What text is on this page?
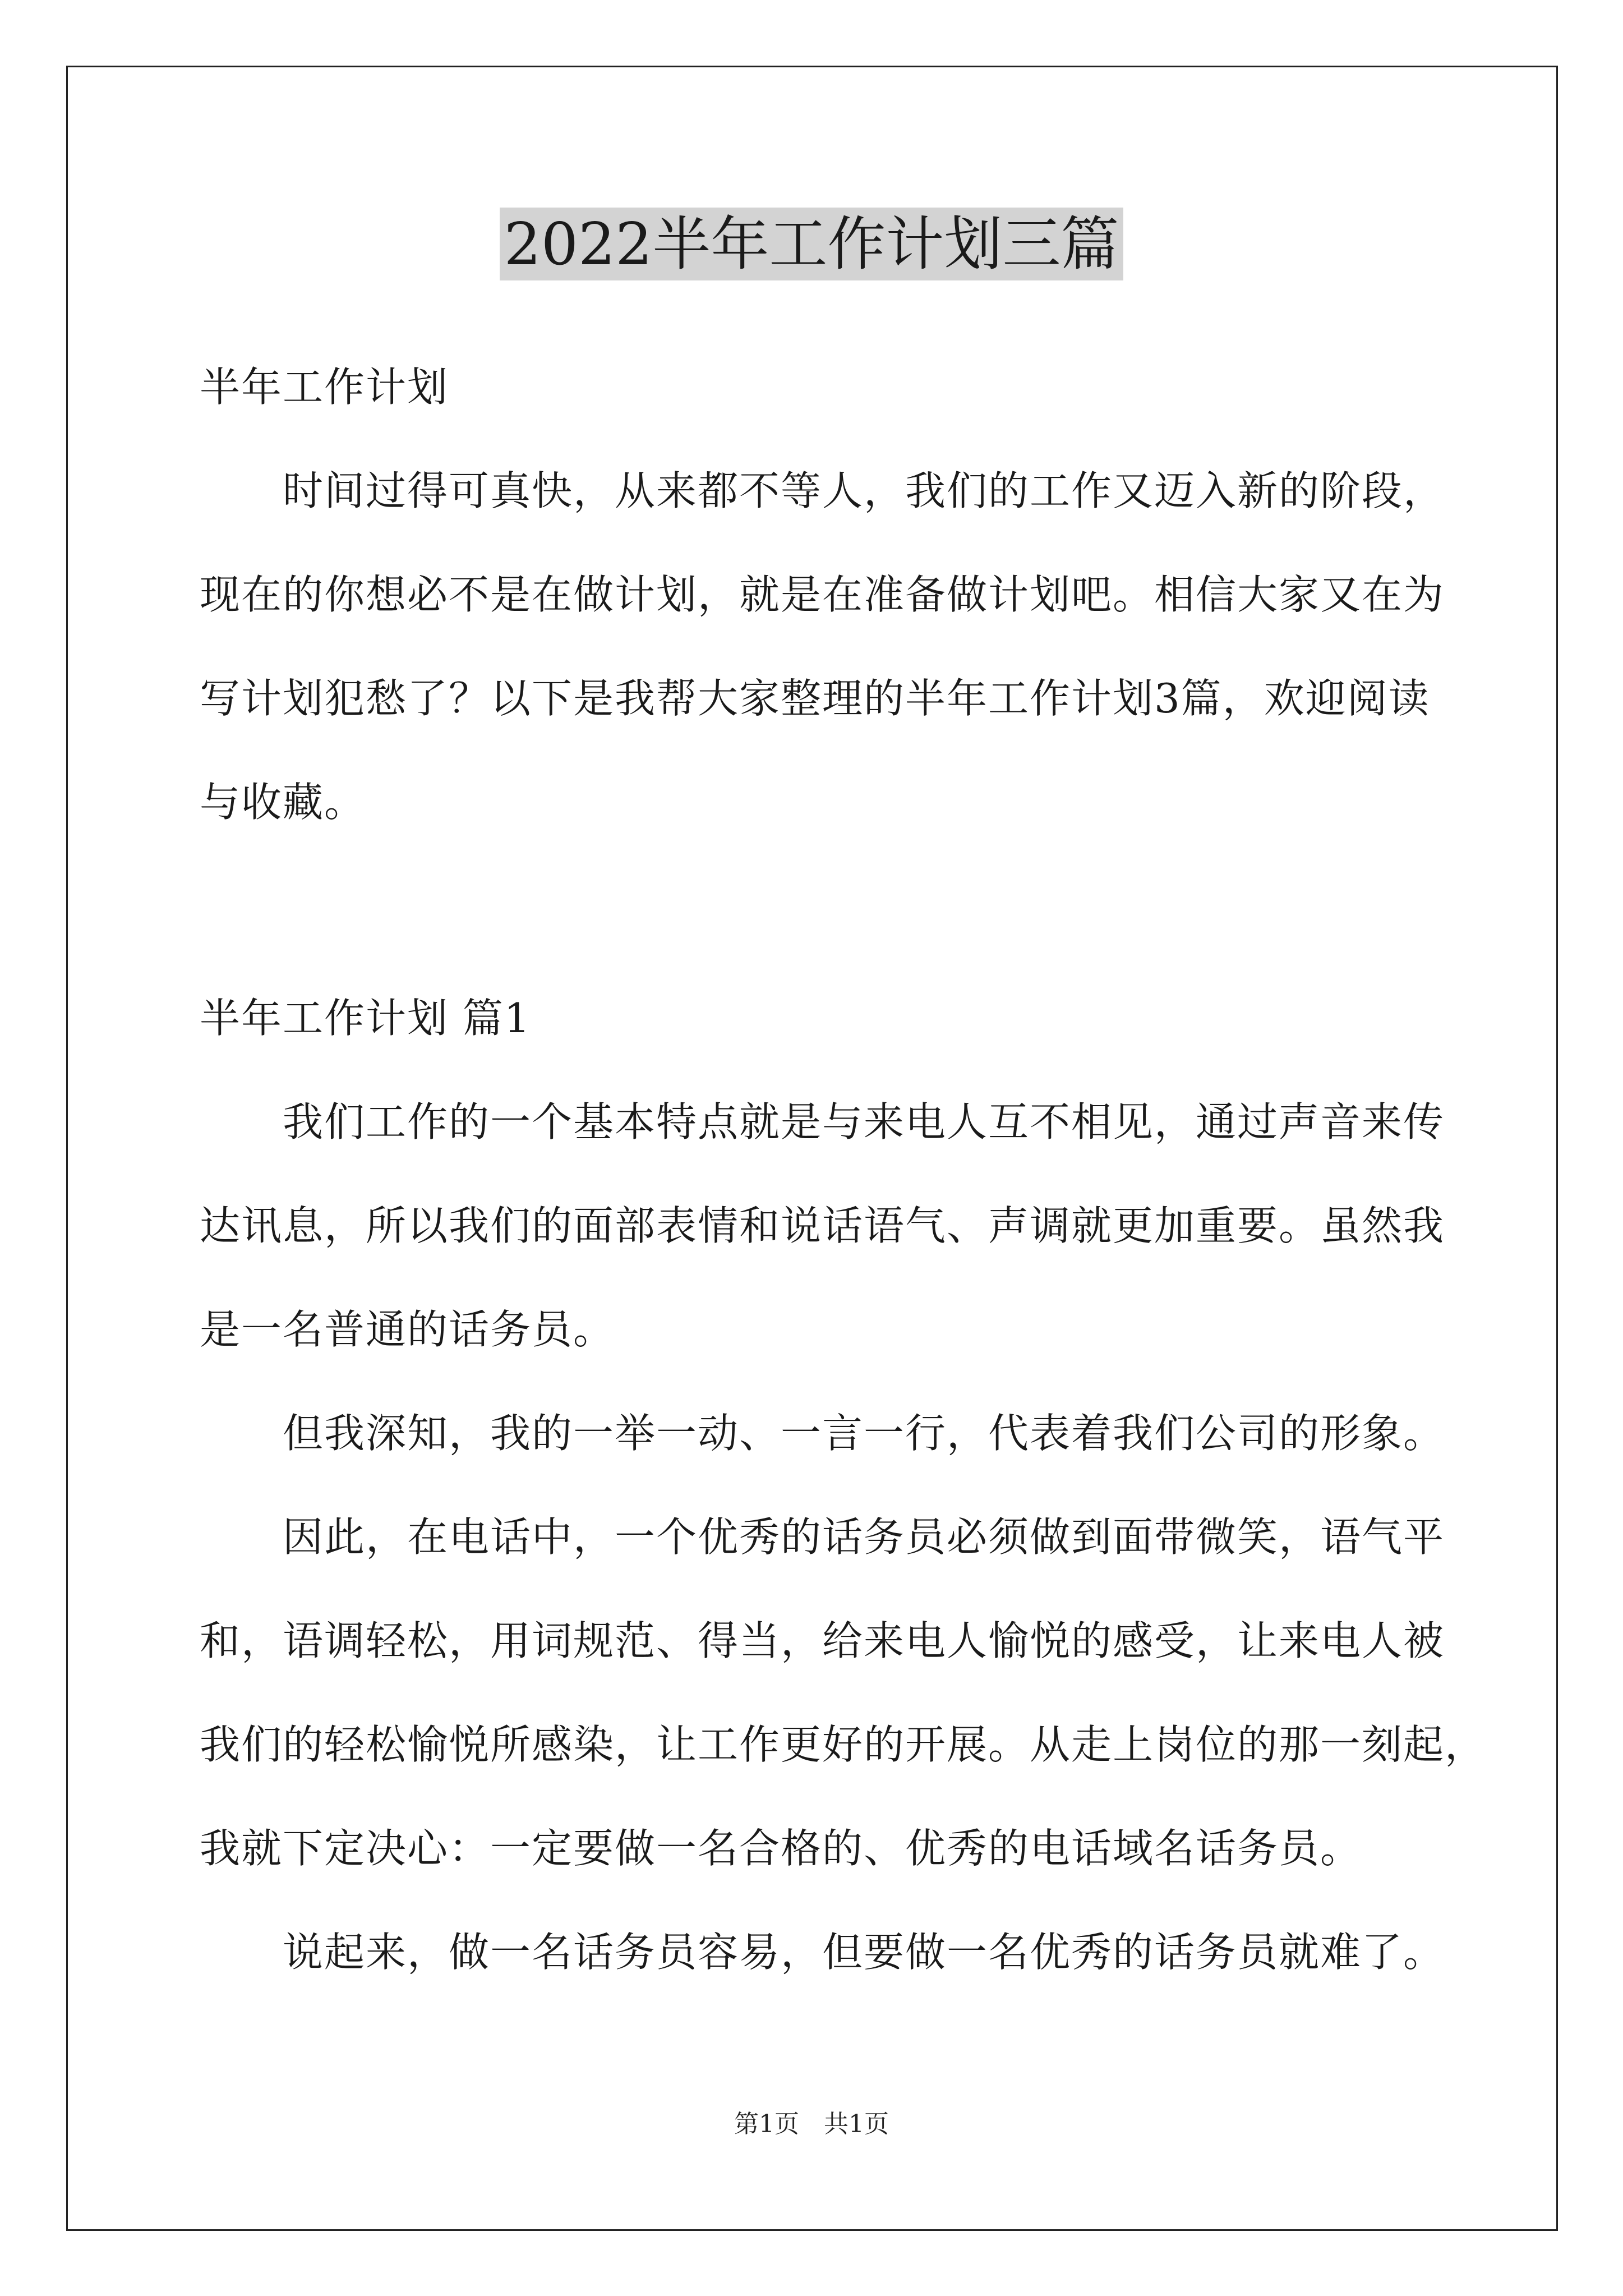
2022半年工作计划三篇
半年工作计划
　　时间过得可真快，从来都不等人，我们的工作又迈入新的阶段，
现在的你想必不是在做计划，就是在准备做计划吧。相信大家又在为
写计划犯愁了？以下是我帮大家整理的半年工作计划3篇，欢迎阅读
与收藏。
半年工作计划 篇1
　　我们工作的一个基本特点就是与来电人互不相见，通过声音来传
达讯息，所以我们的面部表情和说话语气、声调就更加重要。虽然我
是一名普通的话务员。
　　但我深知，我的一举一动、一言一行，代表着我们公司的形象。
　　因此，在电话中，一个优秀的话务员必须做到面带微笑，语气平
和，语调轻松，用词规范、得当，给来电人愉悦的感受，让来电人被
我们的轻松愉悦所感染，让工作更好的开展。从走上岗位的那一刻起，
我就下定决心：一定要做一名合格的、优秀的电话域名话务员。
　　说起来，做一名话务员容易，但要做一名优秀的话务员就难了。
第1页　共1页
